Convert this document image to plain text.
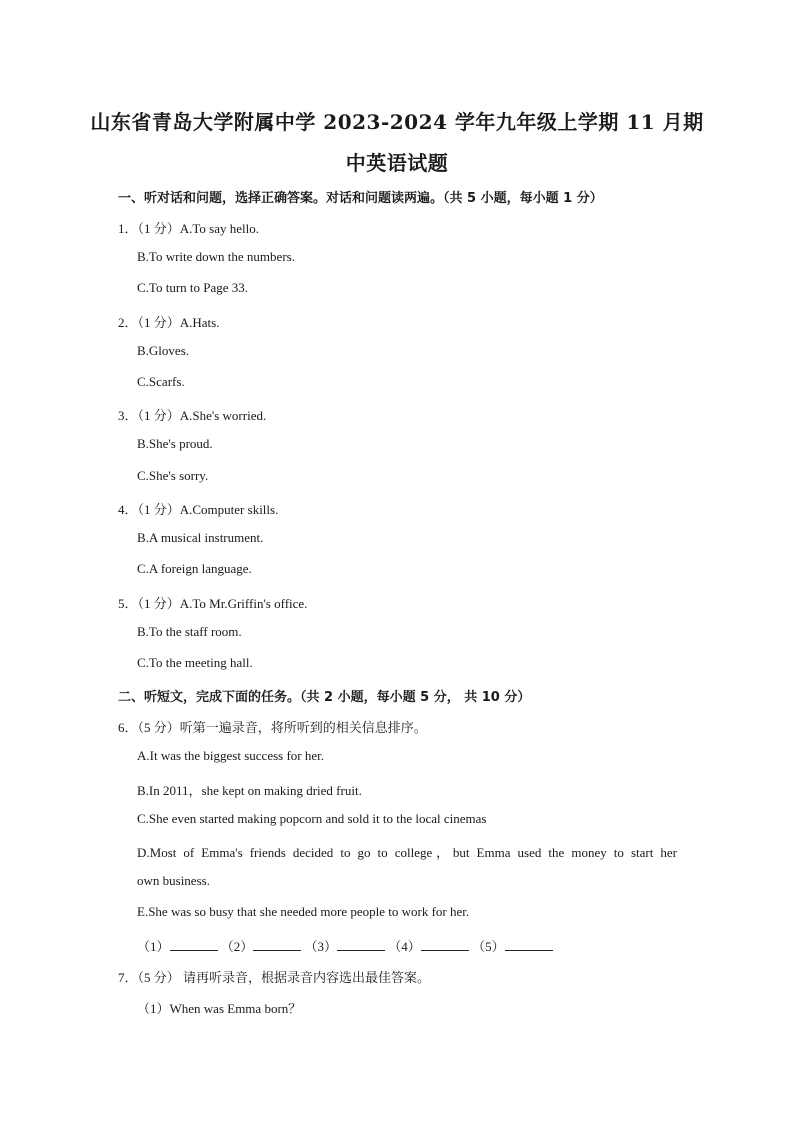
山东省青岛大学附属中学 2023-2024 学年九年级上学期 11 月期
中英语试题
一、听对话和问题，选择正确答案。对话和问题读两遍。（共 5 小题，每小题 1 分）
1．（1 分）A.To say hello.
B.To write down the numbers.
C.To turn to Page 33.
2．（1 分）A.Hats.
B.Gloves.
C.Scarfs.
3．（1 分）A.She's worried.
B.She's proud.
C.She's sorry.
4．（1 分）A.Computer skills.
B.A musical instrument.
C.A foreign language.
5．（1 分）A.To Mr.Griffin's office.
B.To the staff room.
C.To the meeting hall.
二、听短文，完成下面的任务。（共 2 小题，每小题 5 分， 共 10 分）
6．（5 分）听第一遍录音，将所听到的相关信息排序。
A.It was the biggest success for her.
B.In 2011，she kept on making dried fruit.
C.She even started making popcorn and sold it to the local cinemas
D.Most of Emma's friends decided to go to college，but Emma used the money to start her
own business.
E.She was so busy that she needed more people to work for her.
（1）	（2）	（3）	（4）	（5）
7．（5 分） 请再听录音，根据录音内容选出最佳答案。
（1）When was Emma born？
